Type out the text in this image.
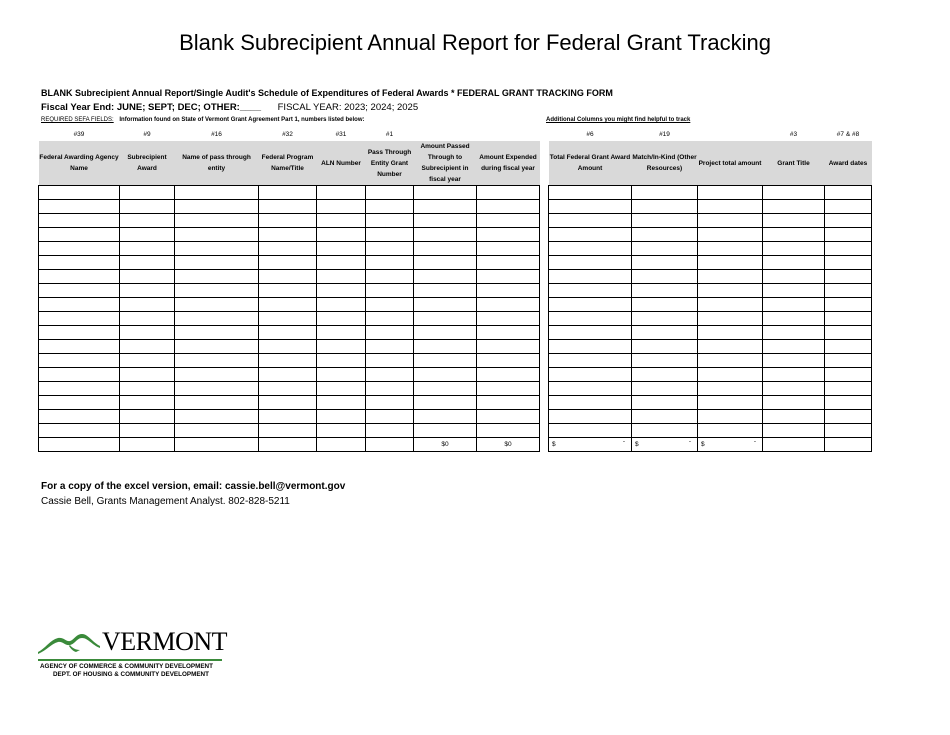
Blank Subrecipient Annual Report for Federal Grant Tracking
BLANK Subrecipient Annual Report/Single Audit's Schedule of Expenditures of Federal Awards * FEDERAL GRANT TRACKING FORM
Fiscal Year End: JUNE; SEPT; DEC; OTHER:____ FISCAL YEAR: 2023; 2024; 2025
REQUIRED SEFA FIELDS: Information found on State of Vermont Grant Agreement Part 1, numbers listed below:	Additional Columns you might find helpful to track
#39	#9	#16	#32	#31	#1				#6	#19		#3	#7 & #8
Federal Awarding Agency Name	Subrecipient Award	Name of pass through entity	Federal Program Name/Title	ALN Number	Pass Through Entity Grant Number	Amount Passed Through to Subrecipient in fiscal year	Amount Expended during fiscal year		Total Federal Grant Award Amount	Match/In-Kind (Other Resources)	Project total amount	Grant Title	Award dates

						$0	$0		$ -	$ -	$ -		

For a copy of the excel version, email: cassie.bell@vermont.gov
Cassie Bell, Grants Management Analyst. 802-828-5211
VERMONT
AGENCY OF COMMERCE & COMMUNITY DEVELOPMENT
DEPT. OF HOUSING & COMMUNITY DEVELOPMENT
